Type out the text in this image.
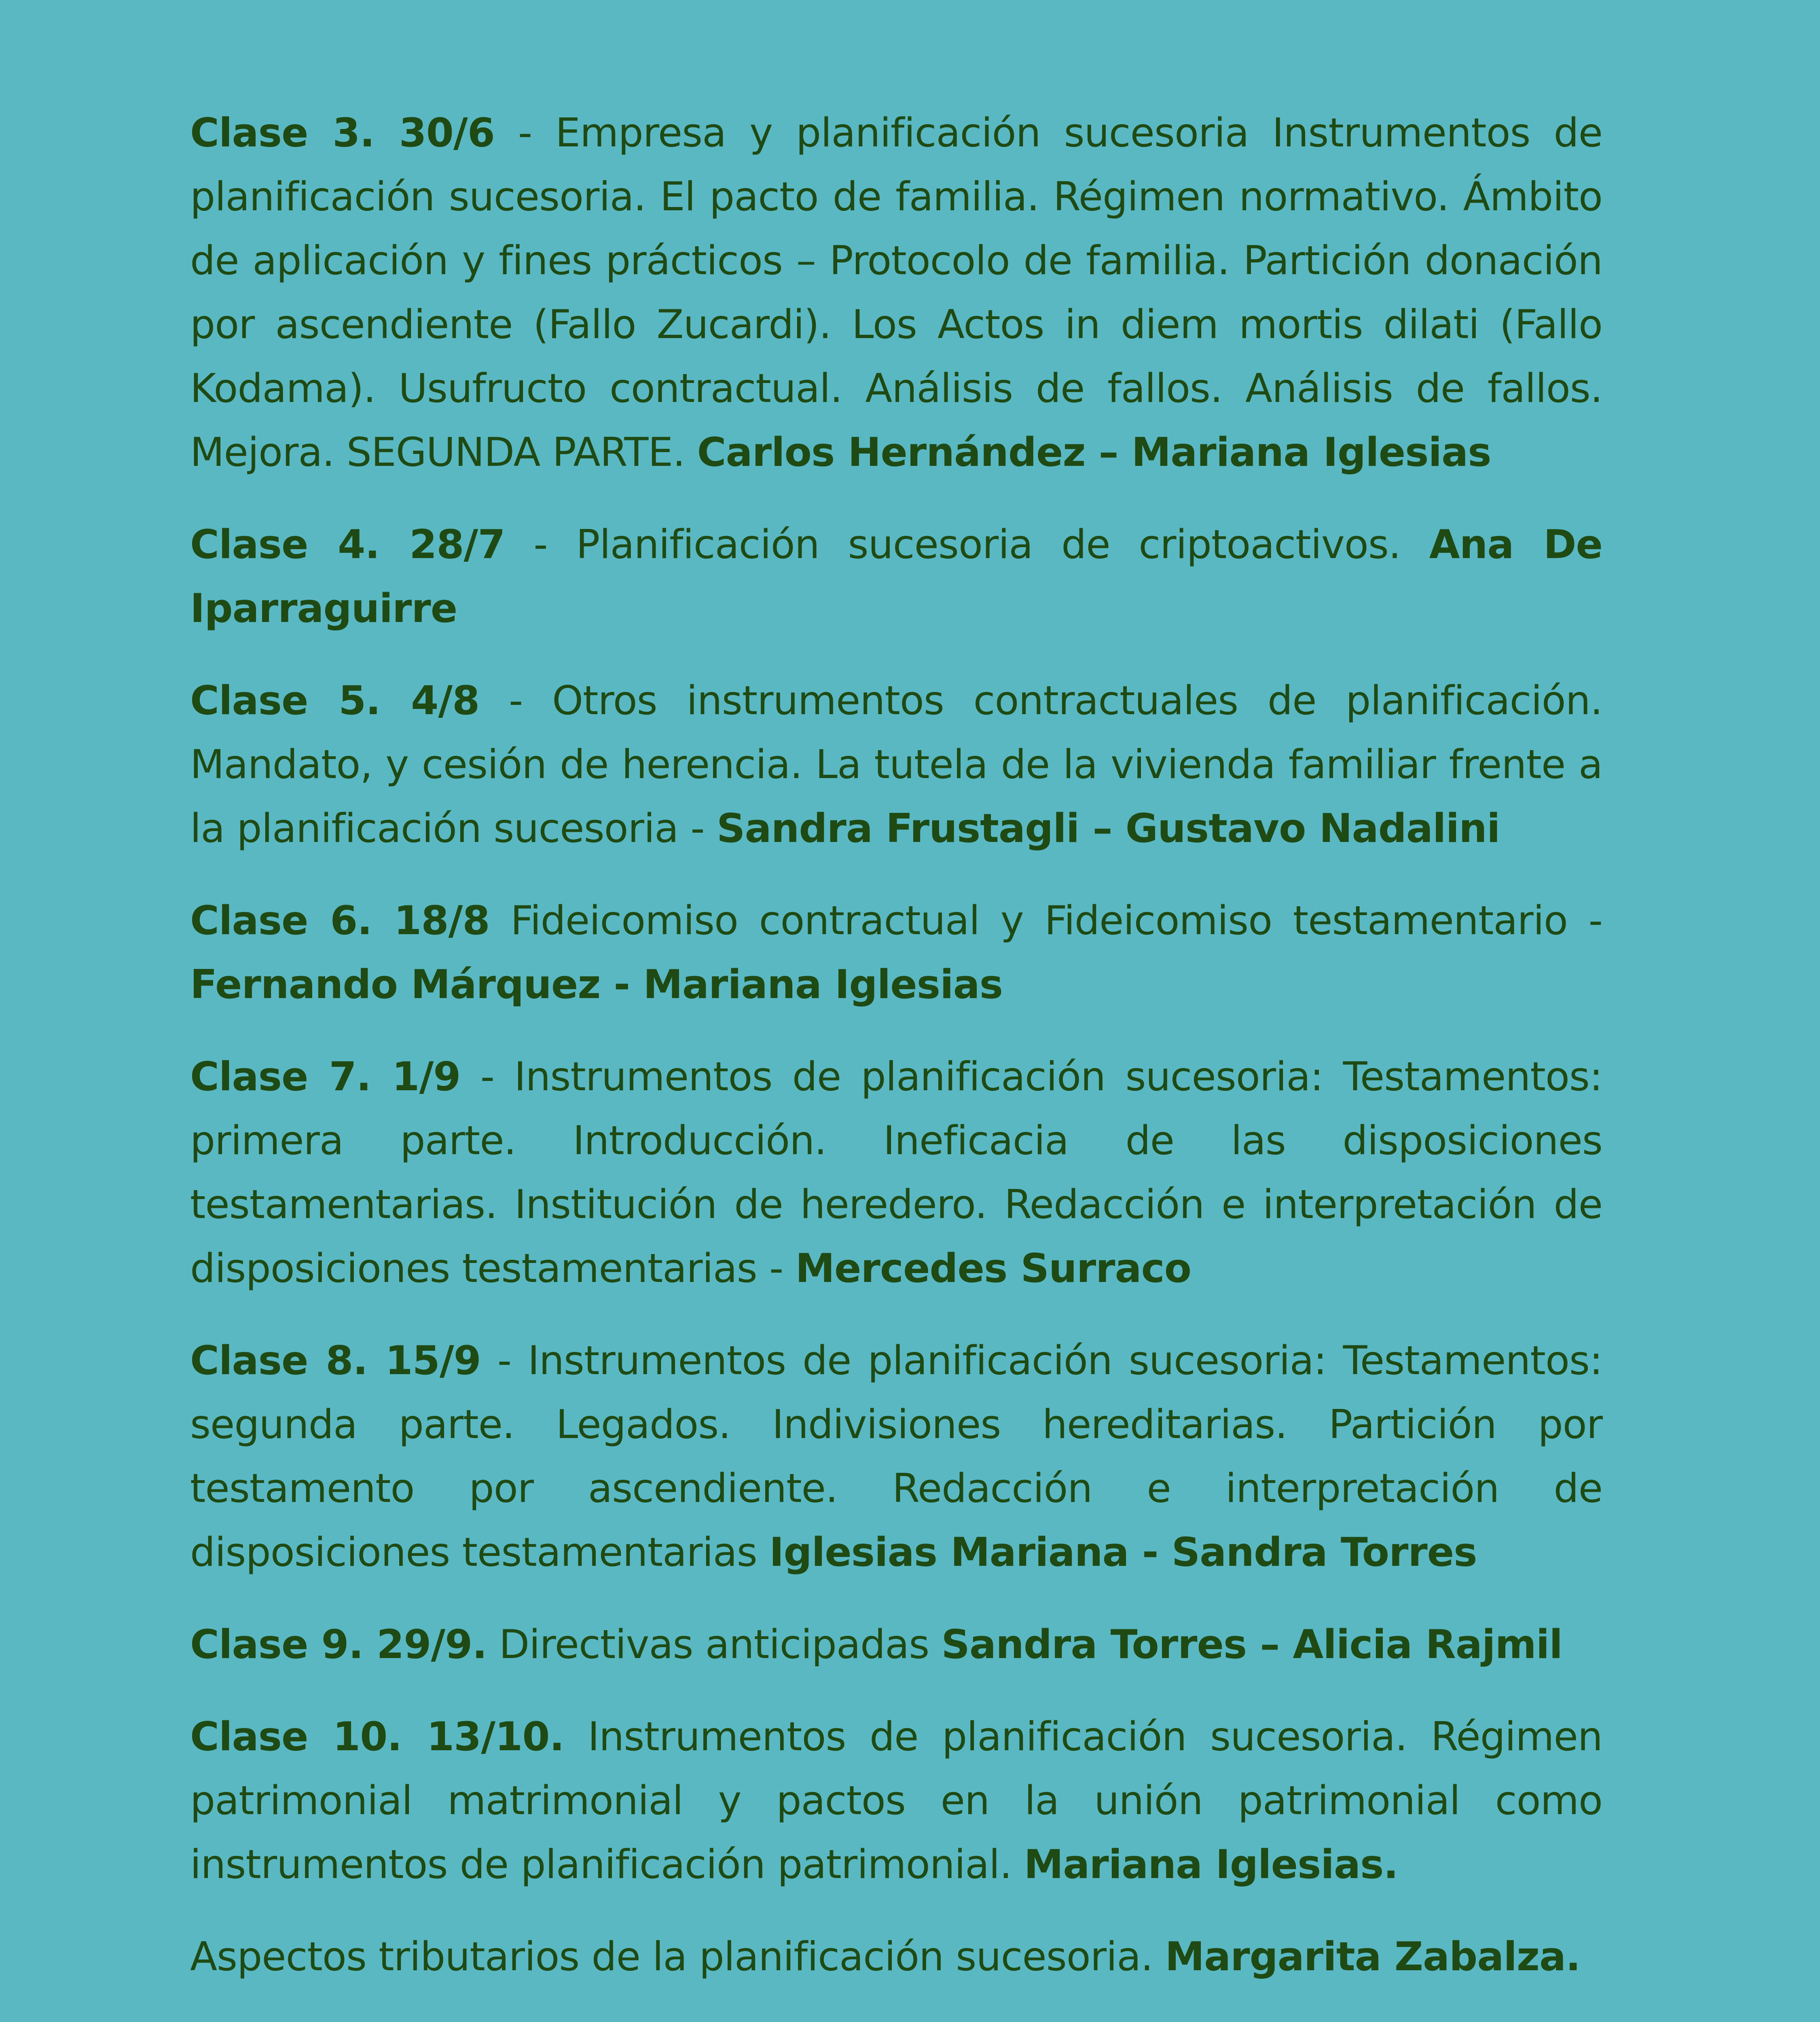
Clase 3. 30/6 - Empresa y planificación sucesoria Instrumentos de planificación sucesoria. El pacto de familia. Régimen normativo. Ámbito de aplicación y fines prácticos – Protocolo de familia. Partición donación por ascendiente (Fallo Zucardi). Los Actos in diem mortis dilati (Fallo Kodama). Usufructo contractual. Análisis de fallos. Análisis de fallos. Mejora. SEGUNDA PARTE. Carlos Hernández – Mariana Iglesias

Clase 4. 28/7 - Planificación sucesoria de criptoactivos. Ana De Iparraguirre

Clase 5. 4/8 - Otros instrumentos contractuales de planificación. Mandato, y cesión de herencia. La tutela de la vivienda familiar frente a la planificación sucesoria - Sandra Frustagli – Gustavo Nadalini

Clase 6. 18/8 Fideicomiso contractual y Fideicomiso testamentario - Fernando Márquez - Mariana Iglesias

Clase 7. 1/9 - Instrumentos de planificación sucesoria: Testamentos: primera parte. Introducción. Ineficacia de las disposiciones testamentarias. Institución de heredero. Redacción e interpretación de disposiciones testamentarias - Mercedes Surraco

Clase 8. 15/9 - Instrumentos de planificación sucesoria: Testamentos: segunda parte. Legados. Indivisiones hereditarias. Partición por testamento por ascendiente. Redacción e interpretación de disposiciones testamentarias Iglesias Mariana - Sandra Torres

Clase 9. 29/9. Directivas anticipadas Sandra Torres – Alicia Rajmil

Clase 10. 13/10. Instrumentos de planificación sucesoria. Régimen patrimonial matrimonial y pactos en la unión patrimonial como instrumentos de planificación patrimonial. Mariana Iglesias.

Aspectos tributarios de la planificación sucesoria. Margarita Zabalza.
